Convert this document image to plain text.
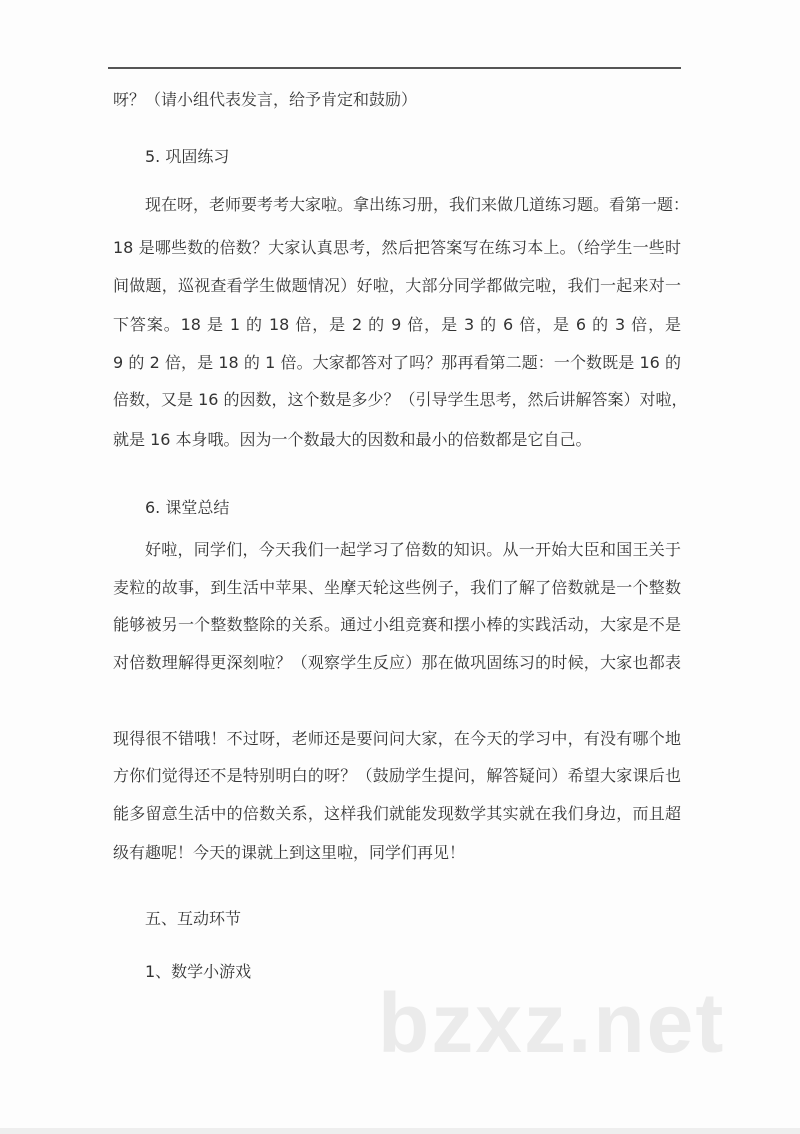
呀？（请小组代表发言，给予肯定和鼓励）
5. 巩固练习
现在呀，老师要考考大家啦。拿出练习册，我们来做几道练习题。看第一题：
18 是哪些数的倍数？大家认真思考，然后把答案写在练习本上。（给学生一些时
间做题，巡视查看学生做题情况）好啦，大部分同学都做完啦，我们一起来对一
下答案。18 是 1 的 18 倍，是 2 的 9 倍，是 3 的 6 倍，是 6 的 3 倍，是
9 的 2 倍，是 18 的 1 倍。大家都答对了吗？那再看第二题：一个数既是 16 的
倍数，又是 16 的因数，这个数是多少？（引导学生思考，然后讲解答案）对啦，
就是 16 本身哦。因为一个数最大的因数和最小的倍数都是它自己。
6. 课堂总结
好啦，同学们，今天我们一起学习了倍数的知识。从一开始大臣和国王关于
麦粒的故事，到生活中苹果、坐摩天轮这些例子，我们了解了倍数就是一个整数
能够被另一个整数整除的关系。通过小组竞赛和摆小棒的实践活动，大家是不是
对倍数理解得更深刻啦？（观察学生反应）那在做巩固练习的时候，大家也都表
现得很不错哦！不过呀，老师还是要问问大家，在今天的学习中，有没有哪个地
方你们觉得还不是特别明白的呀？（鼓励学生提问，解答疑问）希望大家课后也
能多留意生活中的倍数关系，这样我们就能发现数学其实就在我们身边，而且超
级有趣呢！今天的课就上到这里啦，同学们再见！
五、互动环节
1、数学小游戏
bzxz.net
